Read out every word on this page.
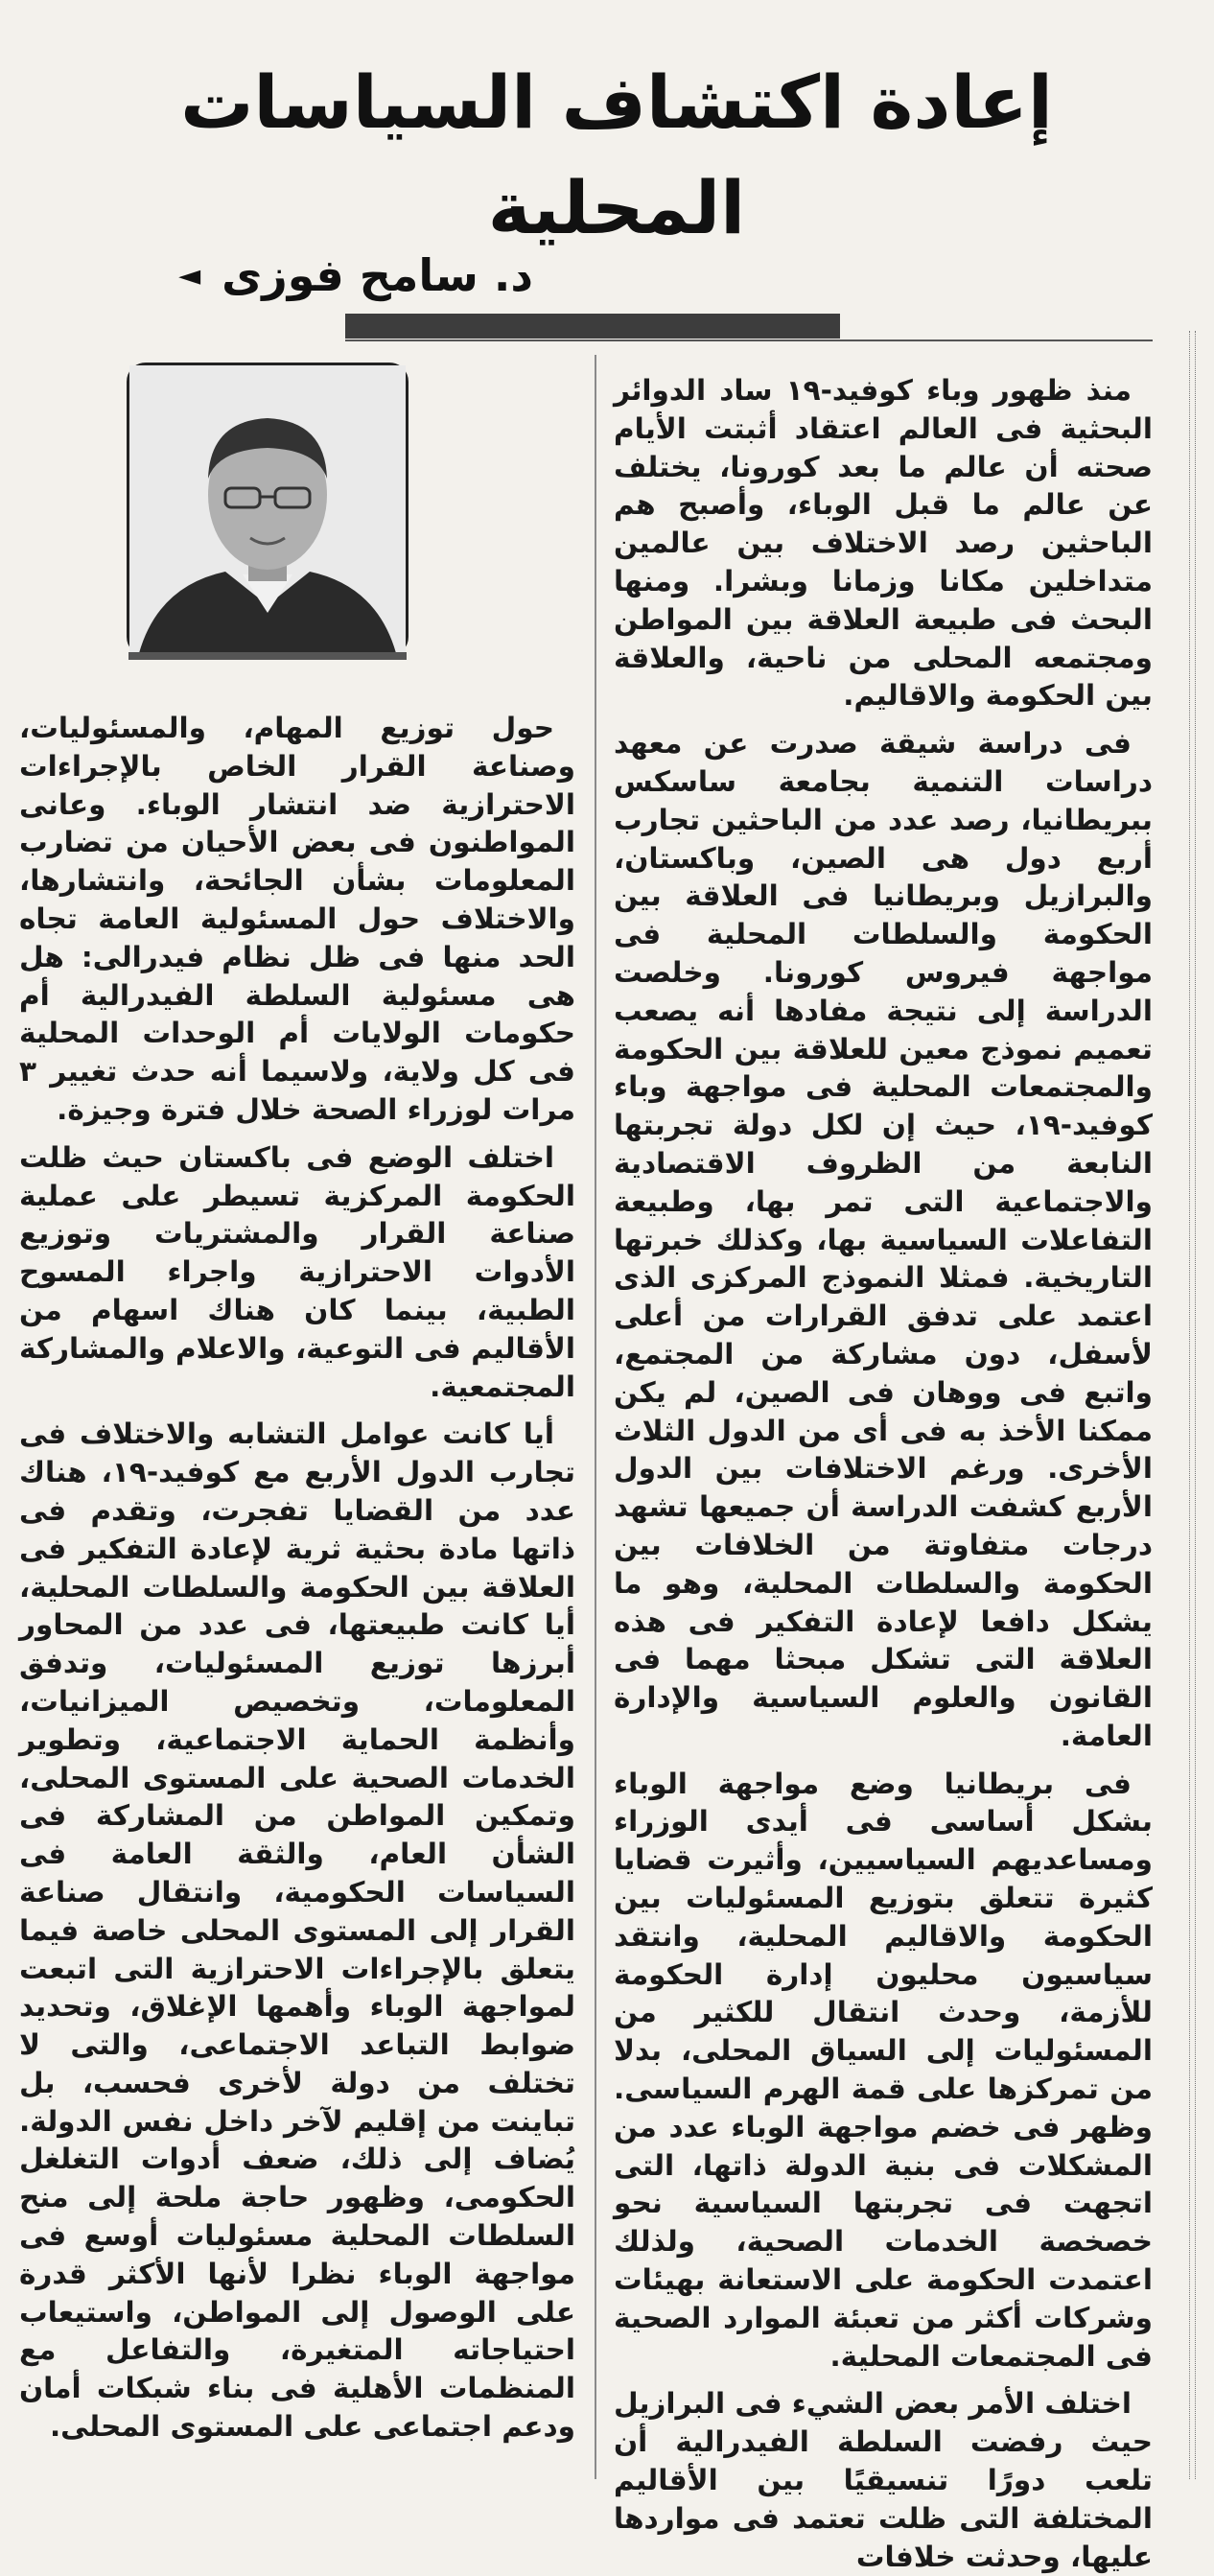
إعادة اكتشاف السياسات المحلية
د. سامح فوزى
◄

منذ ظهور وباء كوفيد-١٩ ساد الدوائر البحثية فى العالم اعتقاد أثبتت الأيام صحته أن عالم ما بعد كورونا، يختلف عن عالم ما قبل الوباء، وأصبح هم الباحثين رصد الاختلاف بين عالمين متداخلين مكانا وزمانا وبشرا. ومنها البحث فى طبيعة العلاقة بين المواطن ومجتمعه المحلى من ناحية، والعلاقة بين الحكومة والاقاليم.

فى دراسة شيقة صدرت عن معهد دراسات التنمية بجامعة ساسكس ببريطانيا، رصد عدد من الباحثين تجارب أربع دول هى الصين، وباكستان، والبرازيل وبريطانيا فى العلاقة بين الحكومة والسلطات المحلية فى مواجهة فيروس كورونا. وخلصت الدراسة إلى نتيجة مفادها أنه يصعب تعميم نموذج معين للعلاقة بين الحكومة والمجتمعات المحلية فى مواجهة وباء كوفيد-١٩، حيث إن لكل دولة تجربتها النابعة من الظروف الاقتصادية والاجتماعية التى تمر بها، وطبيعة التفاعلات السياسية بها، وكذلك خبرتها التاريخية. فمثلا النموذج المركزى الذى اعتمد على تدفق القرارات من أعلى لأسفل، دون مشاركة من المجتمع، واتبع فى ووهان فى الصين، لم يكن ممكنا الأخذ به فى أى من الدول الثلاث الأخرى. ورغم الاختلافات بين الدول الأربع كشفت الدراسة أن جميعها تشهد درجات متفاوتة من الخلافات بين الحكومة والسلطات المحلية، وهو ما يشكل دافعا لإعادة التفكير فى هذه العلاقة التى تشكل مبحثا مهما فى القانون والعلوم السياسية والإدارة العامة.

فى بريطانيا وضع مواجهة الوباء بشكل أساسى فى أيدى الوزراء ومساعديهم السياسيين، وأثيرت قضايا كثيرة تتعلق بتوزيع المسئوليات بين الحكومة والاقاليم المحلية، وانتقد سياسيون محليون إدارة الحكومة للأزمة، وحدث انتقال للكثير من المسئوليات إلى السياق المحلى، بدلا من تمركزها على قمة الهرم السياسى. وظهر فى خضم مواجهة الوباء عدد من المشكلات فى بنية الدولة ذاتها، التى اتجهت فى تجربتها السياسية نحو خصخصة الخدمات الصحية، ولذلك اعتمدت الحكومة على الاستعانة بهيئات وشركات أكثر من تعبئة الموارد الصحية فى المجتمعات المحلية.

اختلف الأمر بعض الشيء فى البرازيل حيث رفضت السلطة الفيدرالية أن تلعب دورًا تنسيقيًا بين الأقاليم المختلفة التى ظلت تعتمد فى مواردها عليها، وحدثت خلافات

حول توزيع المهام، والمسئوليات، وصناعة القرار الخاص بالإجراءات الاحترازية ضد انتشار الوباء. وعانى المواطنون فى بعض الأحيان من تضارب المعلومات بشأن الجائحة، وانتشارها، والاختلاف حول المسئولية العامة تجاه الحد منها فى ظل نظام فيدرالى: هل هى مسئولية السلطة الفيدرالية أم حكومات الولايات أم الوحدات المحلية فى كل ولاية، ولاسيما أنه حدث تغيير ٣ مرات لوزراء الصحة خلال فترة وجيزة.

اختلف الوضع فى باكستان حيث ظلت الحكومة المركزية تسيطر على عملية صناعة القرار والمشتريات وتوزيع الأدوات الاحترازية واجراء المسوح الطبية، بينما كان هناك اسهام من الأقاليم فى التوعية، والاعلام والمشاركة المجتمعية.

أيا كانت عوامل التشابه والاختلاف فى تجارب الدول الأربع مع كوفيد-١٩، هناك عدد من القضايا تفجرت، وتقدم فى ذاتها مادة بحثية ثرية لإعادة التفكير فى العلاقة بين الحكومة والسلطات المحلية، أيا كانت طبيعتها، فى عدد من المحاور أبرزها توزيع المسئوليات، وتدفق المعلومات، وتخصيص الميزانيات، وأنظمة الحماية الاجتماعية، وتطوير الخدمات الصحية على المستوى المحلى، وتمكين المواطن من المشاركة فى الشأن العام، والثقة العامة فى السياسات الحكومية، وانتقال صناعة القرار إلى المستوى المحلى خاصة فيما يتعلق بالإجراءات الاحترازية التى اتبعت لمواجهة الوباء وأهمها الإغلاق، وتحديد ضوابط التباعد الاجتماعى، والتى لا تختلف من دولة لأخرى فحسب، بل تباينت من إقليم لآخر داخل نفس الدولة. يُضاف إلى ذلك، ضعف أدوات التغلغل الحكومى، وظهور حاجة ملحة إلى منح السلطات المحلية مسئوليات أوسع فى مواجهة الوباء نظرا لأنها الأكثر قدرة على الوصول إلى المواطن، واستيعاب احتياجاته المتغيرة، والتفاعل مع المنظمات الأهلية فى بناء شبكات أمان ودعم اجتماعى على المستوى المحلى.
